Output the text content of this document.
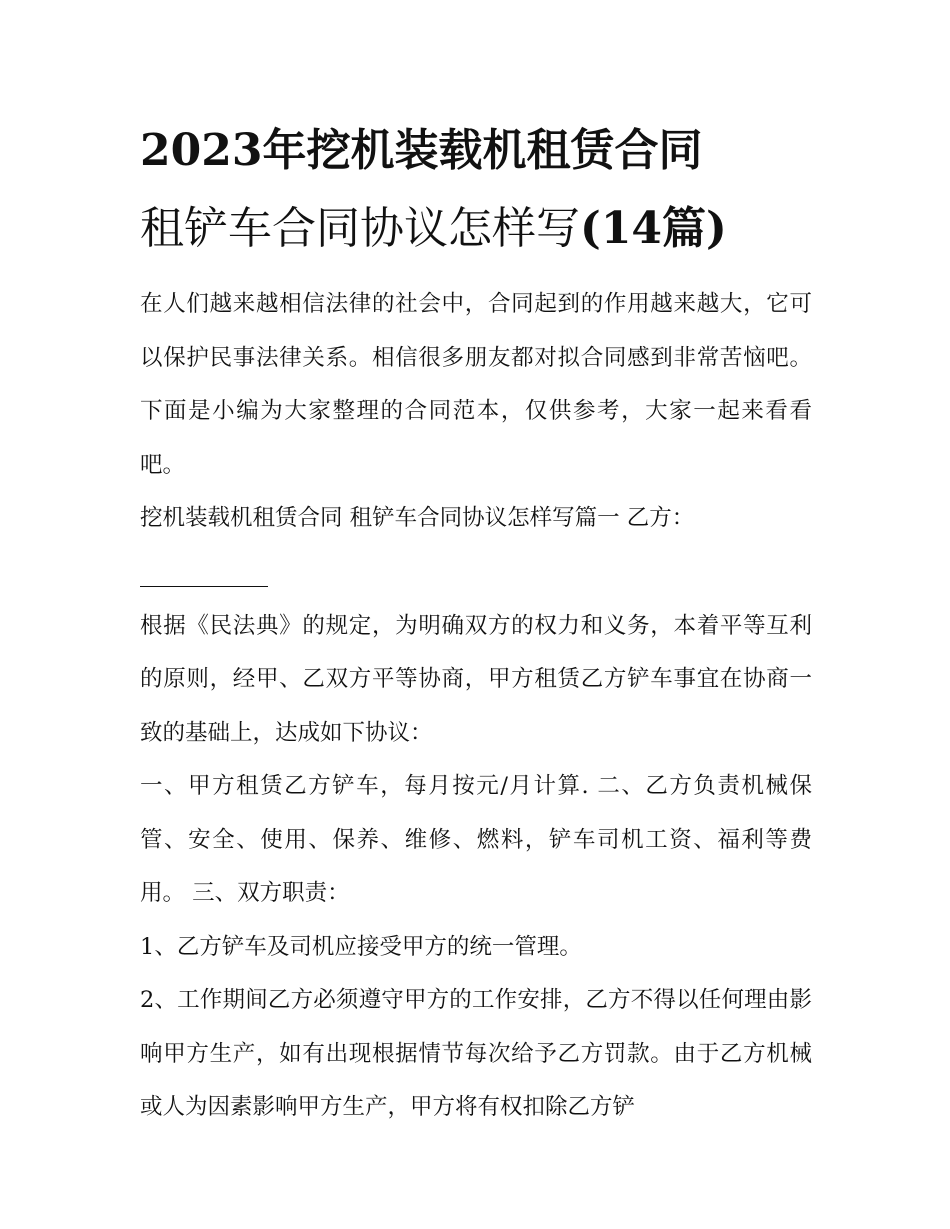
2023年挖机装载机租赁合同
租铲车合同协议怎样写(14篇)

在人们越来越相信法律的社会中，合同起到的作用越来越大，它可以保护民事法律关系。相信很多朋友都对拟合同感到非常苦恼吧。下面是小编为大家整理的合同范本，仅供参考，大家一起来看看吧。

挖机装载机租赁合同 租铲车合同协议怎样写篇一 乙方：

根据《民法典》的规定，为明确双方的权力和义务，本着平等互利的原则，经甲、乙双方平等协商，甲方租赁乙方铲车事宜在协商一致的基础上，达成如下协议：

一、甲方租赁乙方铲车，每月按元/月计算. 二、乙方负责机械保管、安全、使用、保养、维修、燃料，铲车司机工资、福利等费用。 三、双方职责：

1、乙方铲车及司机应接受甲方的统一管理。

2、工作期间乙方必须遵守甲方的工作安排，乙方不得以任何理由影响甲方生产，如有出现根据情节每次给予乙方罚款。由于乙方机械或人为因素影响甲方生产，甲方将有权扣除乙方铲
